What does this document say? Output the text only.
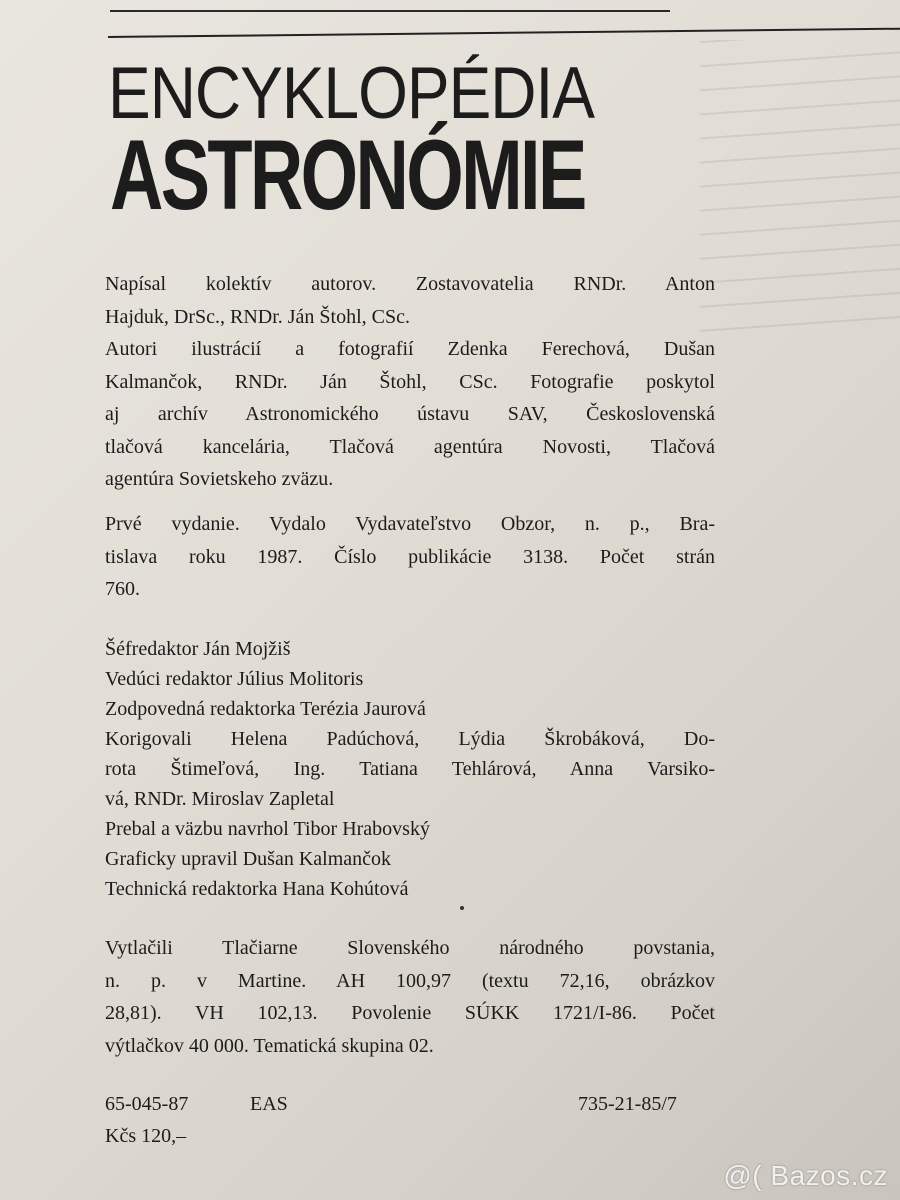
ENCYKLOPÉDIA
ASTRONÓMIE

Napísal kolektív autorov. Zostavovatelia RNDr. Anton

Hajduk, DrSc., RNDr. Ján Štohl, CSc.

Autori ilustrácií a fotografií Zdenka Ferechová, Dušan

Kalmančok, RNDr. Ján Štohl, CSc. Fotografie poskytol

aj archív Astronomického ústavu SAV, Československá

tlačová kancelária, Tlačová agentúra Novosti, Tlačová

agentúra Sovietskeho zväzu.

Prvé vydanie. Vydalo Vydavateľstvo Obzor, n. p., Bra-

tislava roku 1987. Číslo publikácie 3138. Počet strán

760.

Šéfredaktor Ján Mojžiš

Vedúci redaktor Július Molitoris

Zodpovedná redaktorka Terézia Jaurová

Korigovali Helena Padúchová, Lýdia Škrobáková, Do-

rota Štimeľová, Ing. Tatiana Tehlárová, Anna Varsiko-

vá, RNDr. Miroslav Zapletal

Prebal a väzbu navrhol Tibor Hrabovský

Graficky upravil Dušan Kalmančok

Technická redaktorka Hana Kohútová

Vytlačili Tlačiarne Slovenského národného povstania,

n. p. v Martine. AH 100,97 (textu 72,16, obrázkov

28,81). VH 102,13. Povolenie SÚKK 1721/I-86. Počet

výtlačkov 40 000. Tematická skupina 02.

65-045-87	EAS	735-21-85/7
Kčs 120,–
@( Bazos.cz
